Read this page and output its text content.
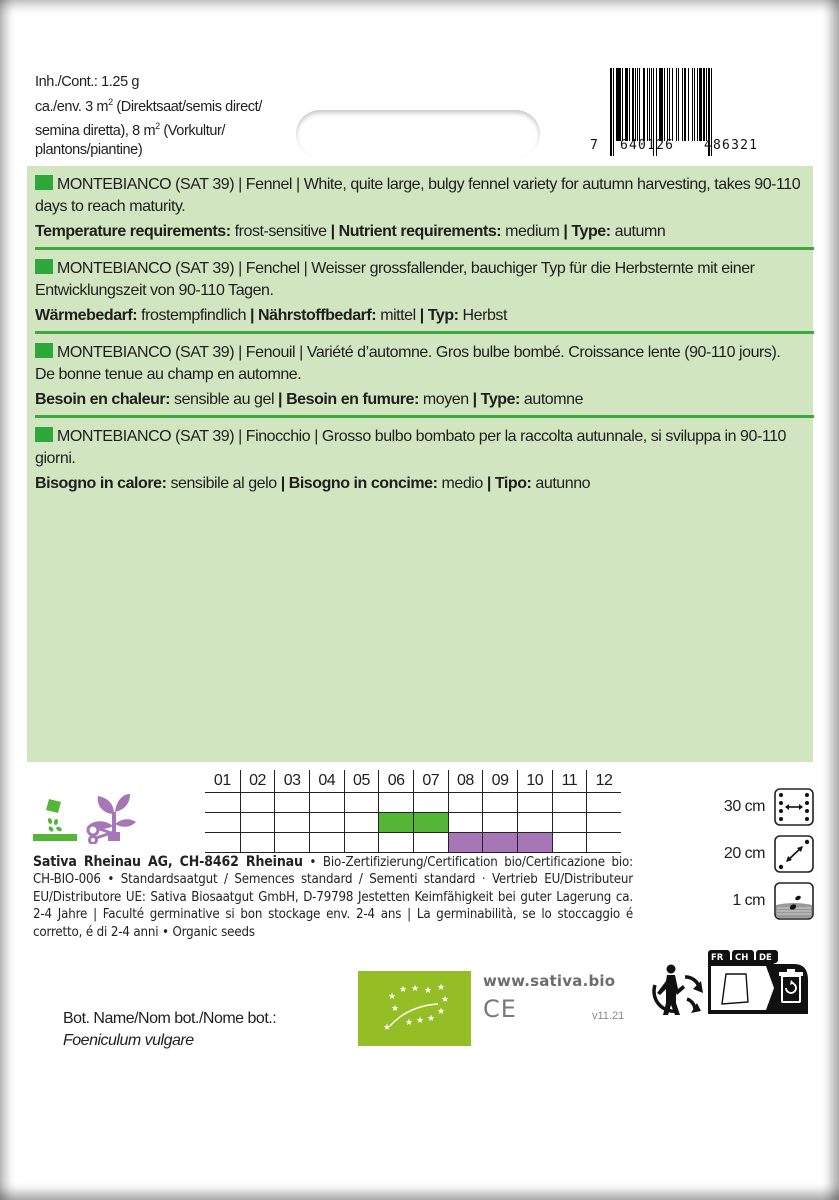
Inh./Cont.: 1.25 g
ca./env. 3 $m^2$ (Direktsaat/semis direct/
semina diretta), 8 $m^2$ (Vorkultur/
plantons/piantine)	7 640126 486321
MONTEBIANCO (SAT 39) | Fennel | White, quite large, bulgy fennel variety for autumn harvesting, takes 90-110 days to reach maturity.
Temperature requirements: frost-sensitive | Nutrient requirements: medium | Type: autumn
MONTEBIANCO (SAT 39) | Fenchel | Weisser grossfallender, bauchiger Typ für die Herbsternte mit einer Entwicklungszeit von 90-110 Tagen.
Wärmebedarf: frostempfindlich | Nährstoffbedarf: mittel | Typ: Herbst
MONTEBIANCO (SAT 39) | Fenouil | Variété d’automne. Gros bulbe bombé. Croissance lente (90-110 jours). De bonne tenue au champ en automne.
Besoin en chaleur: sensible au gel | Besoin en fumure: moyen | Type: automne
MONTEBIANCO (SAT 39) | Finocchio | Grosso bulbo bombato per la raccolta autunnale, si sviluppa in 90-110 giorni.
Bisogno in calore: sensibile al gelo | Bisogno in concime: medio | Tipo: autunno
01	02	03	04	05	06	07	08	09	10	11	12
30 cm
20 cm
1 cm
Sativa Rheinau AG, CH-8462 Rheinau • Bio-Zertifizierung/Certification bio/Certificazione bio: CH-BIO-006 • Standardsaatgut / Semences standard / Sementi standard · Vertrieb EU/Distributeur EU/Distributore UE: Sativa Biosaatgut GmbH, D-79798 Jestetten Keimfähigkeit bei guter Lagerung ca. 2-4 Jahre | Faculté germinative si bon stockage env. 2-4 ans | La germinabilità, se lo stoccaggio é corretto, é di 2-4 anni • Organic seeds
Bot. Name/Nom bot./Nome bot.:
Foeniculum vulgare
★
★ ★ ★ ★
★
★
★
★
★
★
★
www.sativa.bio
CE	v11.21
FR CH DE
